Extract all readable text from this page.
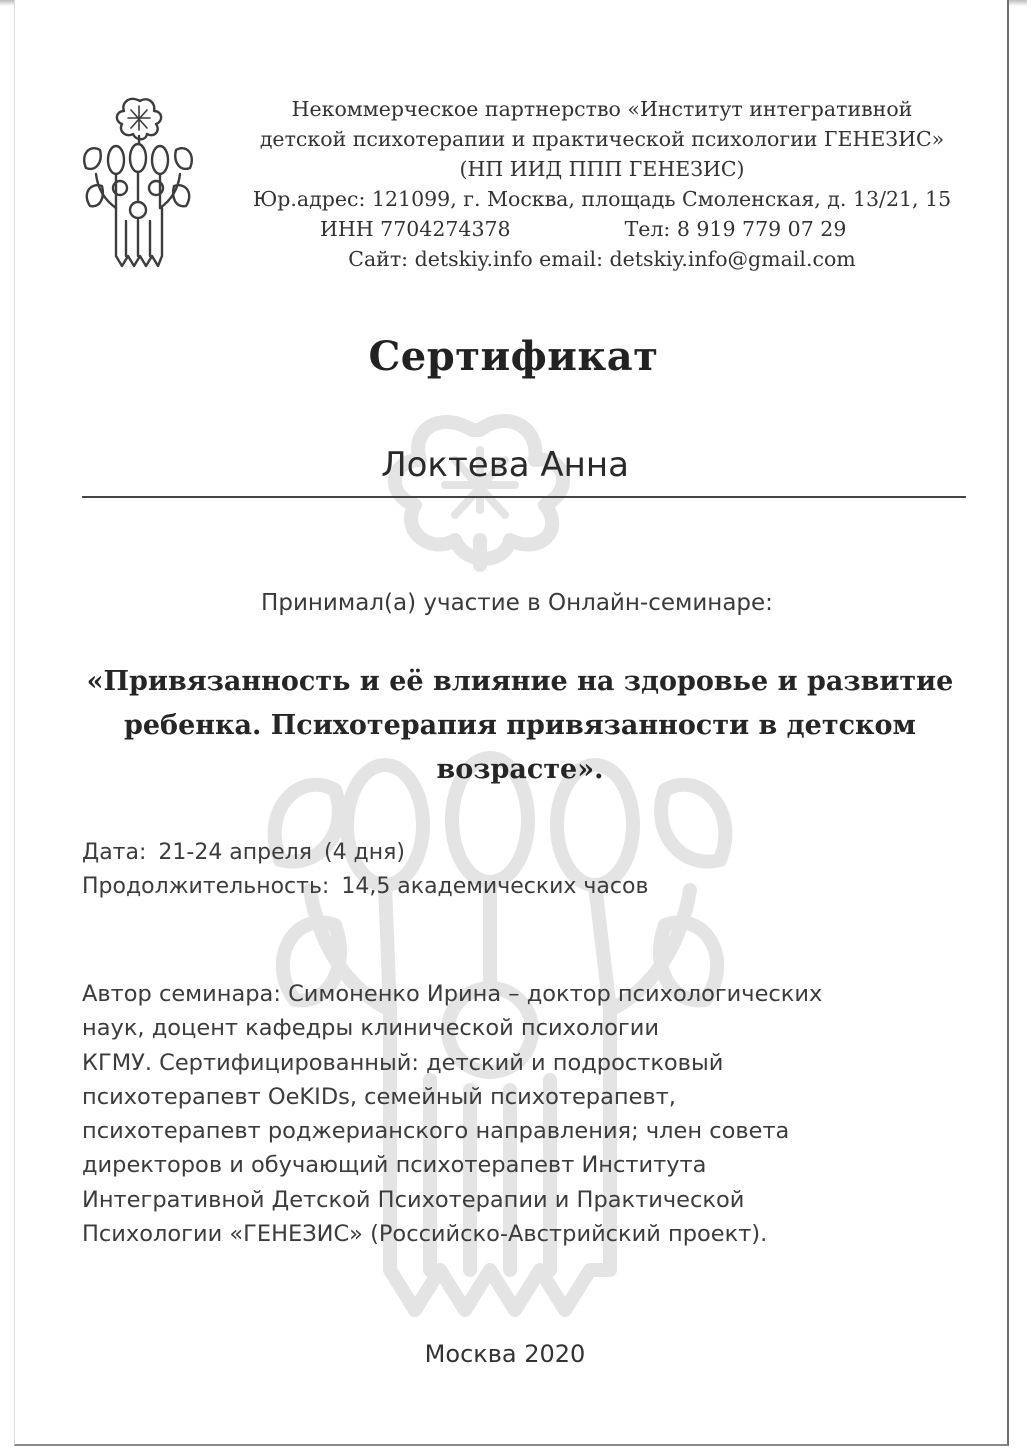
Некоммерческое партнерство «Институт интегративной
детской психотерапии и практической психологии ГЕНЕЗИС»
(НП ИИД ППП ГЕНЕЗИС)
Юр.адрес: 121099, г. Москва, площадь Смоленская, д. 13/21, 15
ИНН 7704274378	Тел: 8 919 779 07 29
Сайт: detskiy.info email: detskiy.info@gmail.com
Сертификат
Локтева Анна
Принимал(а) участие в Онлайн-семинаре:
«Привязанность и её влияние на здоровье и развитие
ребенка. Психотерапия привязанности в детском
возрасте».
Дата: 21-24 апреля (4 дня)
Продолжительность: 14,5 академических часов
Автор семинара: Симоненко Ирина – доктор психологических
наук, доцент кафедры клинической психологии
КГМУ. Сертифицированный: детский и подростковый
психотерапевт OeKIDs, семейный психотерапевт,
психотерапевт роджерианского направления; член совета
директоров и обучающий психотерапевт Института
Интегративной Детской Психотерапии и Практической
Психологии «ГЕНЕЗИС» (Российско-Австрийский проект).
Москва 2020
